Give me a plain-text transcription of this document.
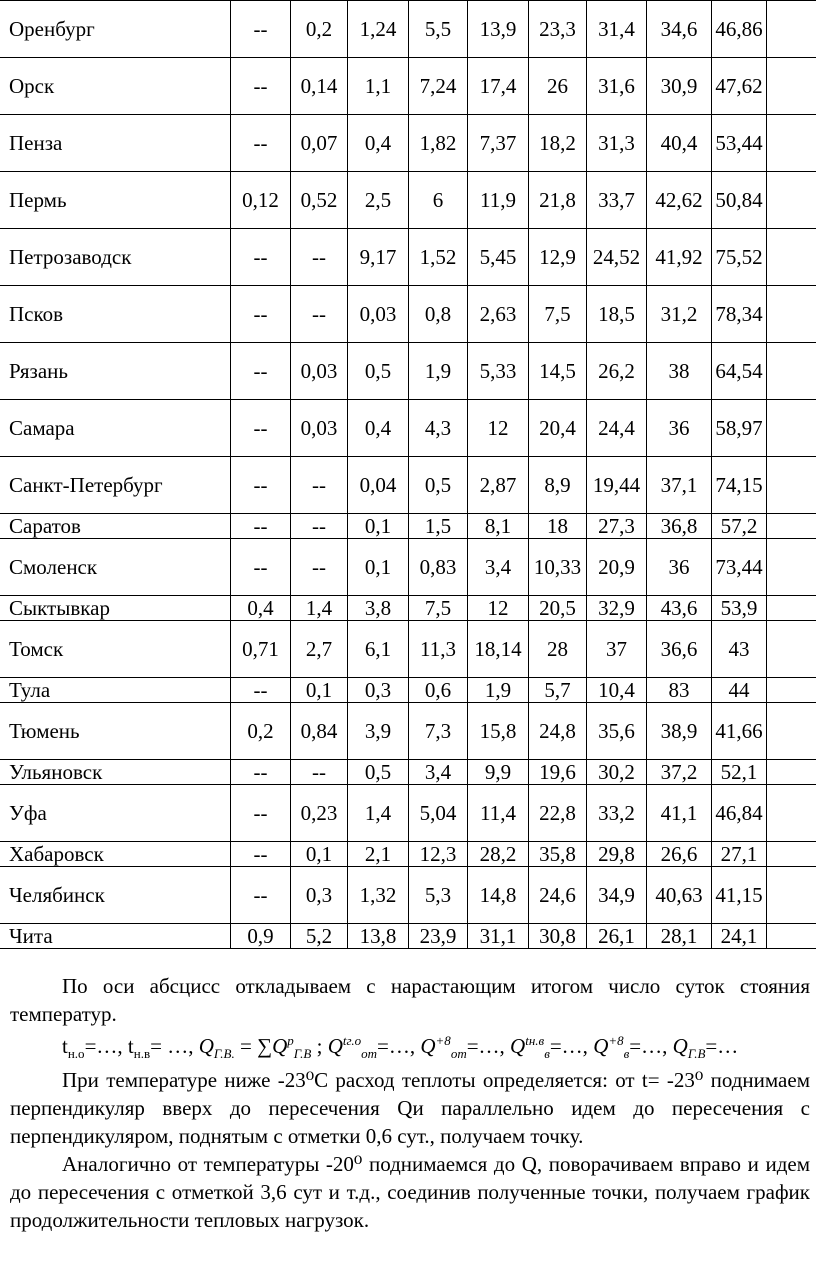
Оренбург	--	0,2	1,24	5,5	13,9	23,3	31,4	34,6	46,86	
Орск	--	0,14	1,1	7,24	17,4	26	31,6	30,9	47,62	
Пенза	--	0,07	0,4	1,82	7,37	18,2	31,3	40,4	53,44	
Пермь	0,12	0,52	2,5	6	11,9	21,8	33,7	42,62	50,84	
Петрозаводск	--	--	9,17	1,52	5,45	12,9	24,52	41,92	75,52	
Псков	--	--	0,03	0,8	2,63	7,5	18,5	31,2	78,34	
Рязань	--	0,03	0,5	1,9	5,33	14,5	26,2	38	64,54	
Самара	--	0,03	0,4	4,3	12	20,4	24,4	36	58,97	
Санкт-Петербург	--	--	0,04	0,5	2,87	8,9	19,44	37,1	74,15	
Саратов	--	--	0,1	1,5	8,1	18	27,3	36,8	57,2	
Смоленск	--	--	0,1	0,83	3,4	10,33	20,9	36	73,44	
Сыктывкар	0,4	1,4	3,8	7,5	12	20,5	32,9	43,6	53,9	
Томск	0,71	2,7	6,1	11,3	18,14	28	37	36,6	43	
Тула	--	0,1	0,3	0,6	1,9	5,7	10,4	83	44	
Тюмень	0,2	0,84	3,9	7,3	15,8	24,8	35,6	38,9	41,66	
Ульяновск	--	--	0,5	3,4	9,9	19,6	30,2	37,2	52,1	
Уфа	--	0,23	1,4	5,04	11,4	22,8	33,2	41,1	46,84	
Хабаровск	--	0,1	2,1	12,3	28,2	35,8	29,8	26,6	27,1	
Челябинск	--	0,3	1,32	5,3	14,8	24,6	34,9	40,63	41,15	
Чита	0,9	5,2	13,8	23,9	31,1	30,8	26,1	28,1	24,1	

По оси абсцисс откладываем с нарастающим итогом число суток стояния температур.

$t_{н.о}=\dots$, $t_{н.в}=$ …, $Q_{Г.В.} = \sum Q^p_{Г.В}$ ; $Q^{tг.о}_{от}=\dots$, $Q^{+8}_{от}=\dots$, $Q^{tн.в}_в=\dots$, $Q^{+8}_в=\dots$, $Q_{Г.В}=\dots$

При температуре ниже -23⁰С расход теплоты определяется: от t= -23⁰ поднимаем перпендикуляр вверх до пересечения Qи параллельно идем до пересечения с перпендикуляром, поднятым с отметки 0,6 сут., получаем точку.

Аналогично от температуры -20⁰ поднимаемся до Q, поворачиваем вправо и идем до пересечения с отметкой 3,6 сут и т.д., соединив полученные точки, получаем график продолжительности тепловых нагрузок.
